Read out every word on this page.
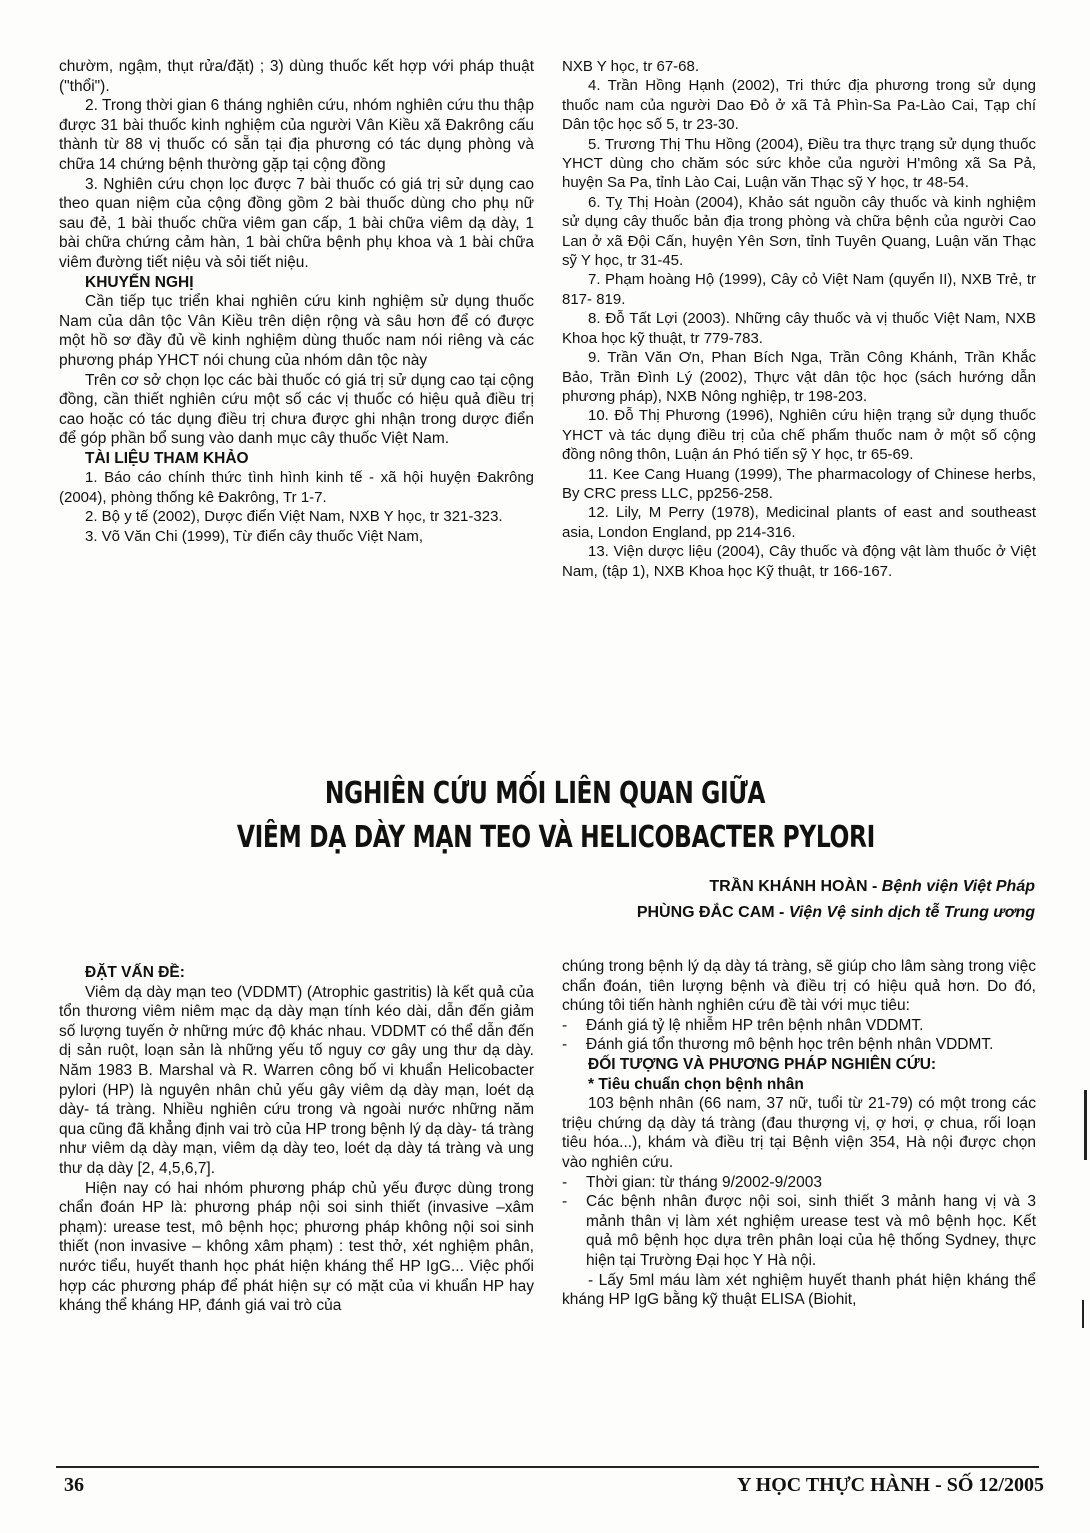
chườm, ngậm, thụt rửa/đặt) ; 3) dùng thuốc kết hợp với pháp thuật ("thổi").

2. Trong thời gian 6 tháng nghiên cứu, nhóm nghiên cứu thu thập được 31 bài thuốc kinh nghiệm của người Vân Kiều xã Đakrông cấu thành từ 88 vị thuốc có sẵn tại địa phương có tác dụng phòng và chữa 14 chứng bệnh thường gặp tại cộng đồng

3. Nghiên cứu chọn lọc được 7 bài thuốc có giá trị sử dụng cao theo quan niệm của cộng đồng gồm 2 bài thuốc dùng cho phụ nữ sau đẻ, 1 bài thuốc chữa viêm gan cấp, 1 bài chữa viêm dạ dày, 1 bài chữa chứng cảm hàn, 1 bài chữa bệnh phụ khoa và 1 bài chữa viêm đường tiết niệu và sỏi tiết niệu.

KHUYẾN NGHỊ

Cần tiếp tục triển khai nghiên cứu kinh nghiệm sử dụng thuốc Nam của dân tộc Vân Kiều trên diện rộng và sâu hơn để có được một hồ sơ đầy đủ về kinh nghiệm dùng thuốc nam nói riêng và các phương pháp YHCT nói chung của nhóm dân tộc này

Trên cơ sở chọn lọc các bài thuốc có giá trị sử dụng cao tại cộng đồng, cần thiết nghiên cứu một số các vị thuốc có hiệu quả điều trị cao hoặc có tác dụng điều trị chưa được ghi nhận trong dược điển để góp phần bổ sung vào danh mục cây thuốc Việt Nam.

TÀI LIỆU THAM KHẢO

1. Báo cáo chính thức tình hình kinh tế - xã hội huyện Đakrông (2004), phòng thống kê Đakrông, Tr 1-7.

2. Bộ y tế (2002), Dược điển Việt Nam, NXB Y học, tr 321-323.

3. Võ Văn Chi (1999), Từ điển cây thuốc Việt Nam,

NXB Y học, tr 67-68.

4. Trần Hồng Hạnh (2002), Tri thức địa phương trong sử dụng thuốc nam của người Dao Đỏ ở xã Tả Phìn-Sa Pa-Lào Cai, Tạp chí Dân tộc học số 5, tr 23-30.

5. Trương Thị Thu Hồng (2004), Điều tra thực trạng sử dụng thuốc YHCT dùng cho chăm sóc sức khỏe của người H'mông xã Sa Pả, huyện Sa Pa, tỉnh Lào Cai, Luận văn Thạc sỹ Y học, tr 48-54.

6. Tỵ Thị Hoàn (2004), Khảo sát nguồn cây thuốc và kinh nghiệm sử dụng cây thuốc bản địa trong phòng và chữa bệnh của người Cao Lan ở xã Đội Cấn, huyện Yên Sơn, tỉnh Tuyên Quang, Luận văn Thạc sỹ Y học, tr 31-45.

7. Phạm hoàng Hộ (1999), Cây cỏ Việt Nam (quyển II), NXB Trẻ, tr 817- 819.

8. Đỗ Tất Lợi (2003). Những cây thuốc và vị thuốc Việt Nam, NXB Khoa học kỹ thuật, tr 779-783.

9. Trần Văn Ơn, Phan Bích Nga, Trần Công Khánh, Trần Khắc Bảo, Trần Đình Lý (2002), Thực vật dân tộc học (sách hướng dẫn phương pháp), NXB Nông nghiệp, tr 198-203.

10. Đỗ Thị Phương (1996), Nghiên cứu hiện trạng sử dụng thuốc YHCT và tác dụng điều trị của chế phẩm thuốc nam ở một số cộng đồng nông thôn, Luận án Phó tiến sỹ Y học, tr 65-69.

11. Kee Cang Huang (1999), The pharmacology of Chinese herbs, By CRC press LLC, pp256-258.

12. Lily, M Perry (1978), Medicinal plants of east and southeast asia, London England, pp 214-316.

13. Viện dược liệu (2004), Cây thuốc và động vật làm thuốc ở Việt Nam, (tập 1), NXB Khoa học Kỹ thuật, tr 166-167.

NGHIÊN CỨU MỐI LIÊN QUAN GIỮA
VIÊM DẠ DÀY MẠN TEO VÀ HELICOBACTER PYLORI
TRẦN KHÁNH HOÀN - Bệnh viện Việt Pháp
PHÙNG ĐẮC CAM - Viện Vệ sinh dịch tễ Trung ương

ĐẶT VẤN ĐỀ:

Viêm dạ dày mạn teo (VDDMT) (Atrophic gastritis) là kết quả của tổn thương viêm niêm mạc dạ dày mạn tính kéo dài, dẫn đến giảm số lượng tuyến ở những mức độ khác nhau. VDDMT có thể dẫn đến dị sản ruột, loạn sản là những yếu tố nguy cơ gây ung thư dạ dày. Năm 1983 B. Marshal và R. Warren công bố vi khuẩn Helicobacter pylori (HP) là nguyên nhân chủ yếu gây viêm dạ dày mạn, loét dạ dày- tá tràng. Nhiều nghiên cứu trong và ngoài nước những năm qua cũng đã khẳng định vai trò của HP trong bệnh lý dạ dày- tá tràng như viêm dạ dày mạn, viêm dạ dày teo, loét dạ dày tá tràng và ung thư dạ dày [2, 4,5,6,7].

Hiện nay có hai nhóm phương pháp chủ yếu được dùng trong chẩn đoán HP là: phương pháp nội soi sinh thiết (invasive –xâm phạm): urease test, mô bệnh học; phương pháp không nội soi sinh thiết (non invasive – không xâm phạm) : test thở, xét nghiệm phân, nước tiểu, huyết thanh học phát hiện kháng thể HP IgG... Việc phối hợp các phương pháp để phát hiện sự có mặt của vi khuẩn HP hay kháng thể kháng HP, đánh giá vai trò của

chúng trong bệnh lý dạ dày tá tràng, sẽ giúp cho lâm sàng trong việc chẩn đoán, tiên lượng bệnh và điều trị có hiệu quả hơn. Do đó, chúng tôi tiến hành nghiên cứu đề tài với mục tiêu:

- Đánh giá tỷ lệ nhiễm HP trên bệnh nhân VDDMT.

- Đánh giá tổn thương mô bệnh học trên bệnh nhân VDDMT.

ĐỐI TƯỢNG VÀ PHƯƠNG PHÁP NGHIÊN CỨU:

* Tiêu chuẩn chọn bệnh nhân

103 bệnh nhân (66 nam, 37 nữ, tuổi từ 21-79) có một trong các triệu chứng dạ dày tá tràng (đau thượng vị, ợ hơi, ợ chua, rối loạn tiêu hóa...), khám và điều trị tại Bệnh viện 354, Hà nội được chọn vào nghiên cứu.

- Thời gian: từ tháng 9/2002-9/2003

- Các bệnh nhân được nội soi, sinh thiết 3 mảnh hang vị và 3 mảnh thân vị làm xét nghiệm urease test và mô bệnh học. Kết quả mô bệnh học dựa trên phân loại của hệ thống Sydney, thực hiện tại Trường Đại học Y Hà nội.

- Lấy 5ml máu làm xét nghiệm huyết thanh phát hiện kháng thể kháng HP IgG bằng kỹ thuật ELISA (Biohit,

36	Y HỌC THỰC HÀNH - SỐ 12/2005
